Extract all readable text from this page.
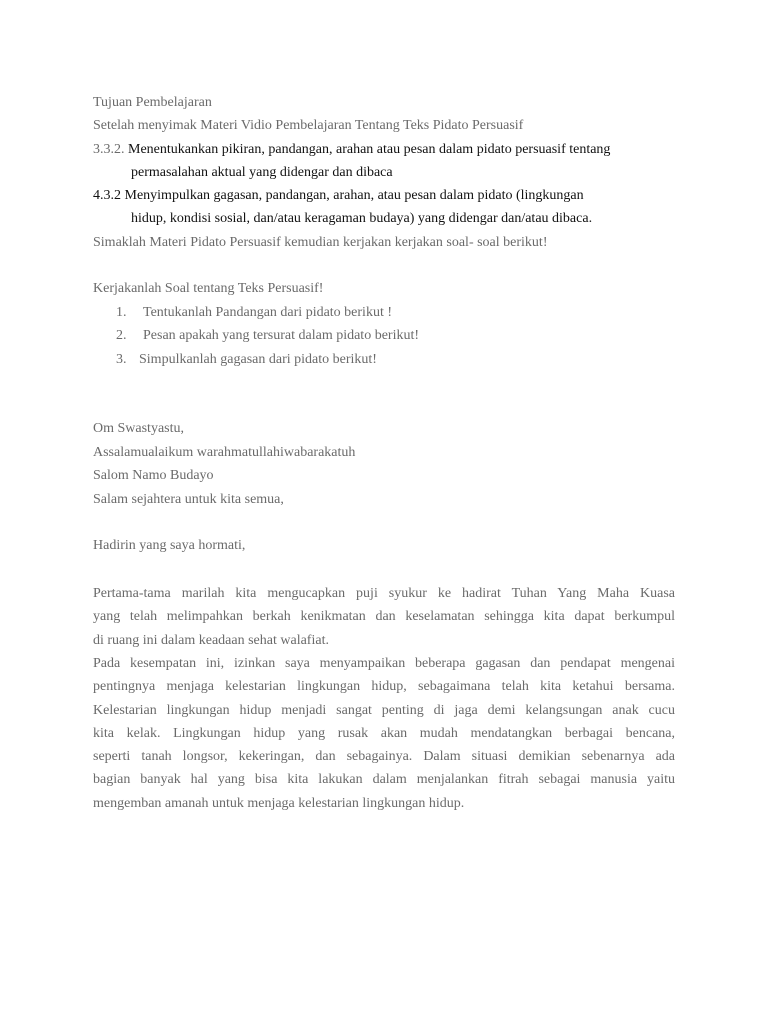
Tujuan Pembelajaran
Setelah menyimak Materi Vidio Pembelajaran Tentang Teks Pidato Persuasif
3.3.2. Menentukankan pikiran, pandangan, arahan atau pesan dalam pidato persuasif tentang
permasalahan aktual yang didengar dan dibaca
4.3.2 Menyimpulkan gagasan, pandangan, arahan, atau pesan dalam pidato (lingkungan
hidup, kondisi sosial, dan/atau keragaman budaya) yang didengar dan/atau dibaca.
Simaklah Materi Pidato Persuasif kemudian kerjakan kerjakan soal- soal berikut!
Kerjakanlah Soal tentang Teks Persuasif!
1. Tentukanlah Pandangan dari pidato berikut !
2. Pesan apakah yang tersurat dalam pidato berikut!
3. Simpulkanlah gagasan dari pidato berikut!
Om Swastyastu,
Assalamualaikum warahmatullahiwabarakatuh
Salom Namo Budayo
Salam sejahtera untuk kita semua,
Hadirin yang saya hormati,
Pertama-tama marilah kita mengucapkan puji syukur ke hadirat Tuhan Yang Maha Kuasa
yang telah melimpahkan berkah kenikmatan dan keselamatan sehingga kita dapat berkumpul
di ruang ini dalam keadaan sehat walafiat.
Pada kesempatan ini, izinkan saya menyampaikan beberapa gagasan dan pendapat mengenai
pentingnya menjaga kelestarian lingkungan hidup, sebagaimana telah kita ketahui bersama.
Kelestarian lingkungan hidup menjadi sangat penting di jaga demi kelangsungan anak cucu
kita kelak. Lingkungan hidup yang rusak akan mudah mendatangkan berbagai bencana,
seperti tanah longsor, kekeringan, dan sebagainya. Dalam situasi demikian sebenarnya ada
bagian banyak hal yang bisa kita lakukan dalam menjalankan fitrah sebagai manusia yaitu
mengemban amanah untuk menjaga kelestarian lingkungan hidup.
